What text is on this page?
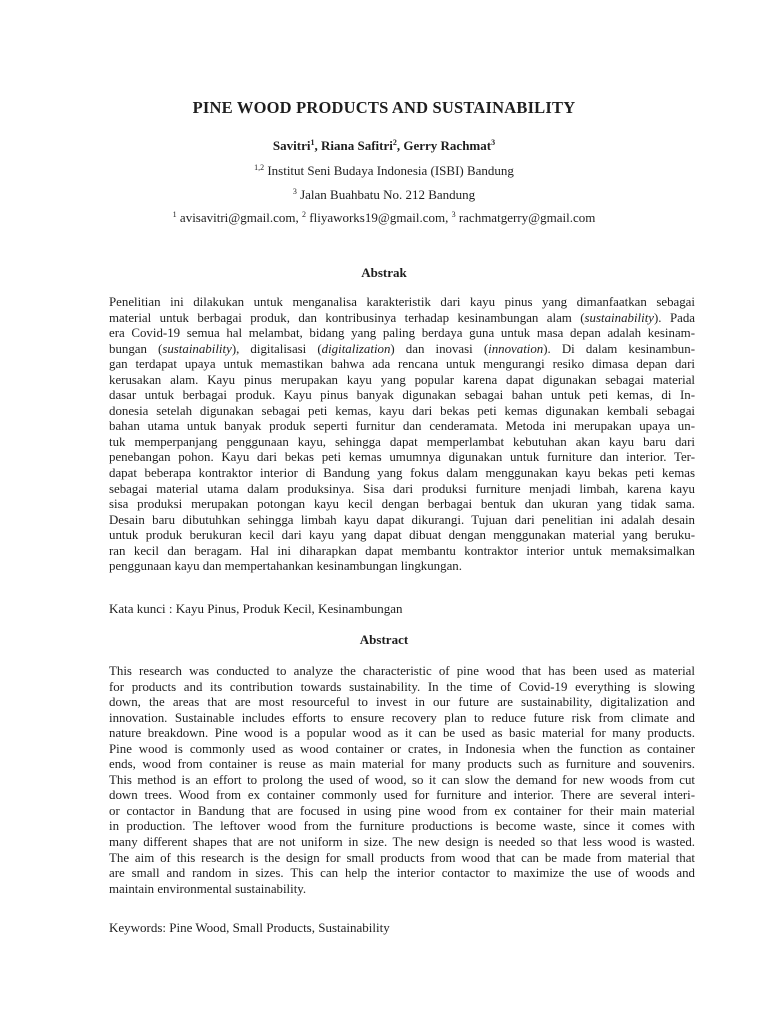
PINE WOOD PRODUCTS AND SUSTAINABILITY
Savitri$^1$, Riana Safitri$^2$, Gerry Rachmat$^3$
$^{1,2}$ Institut Seni Budaya Indonesia (ISBI) Bandung
$^3$ Jalan Buahbatu No. 212 Bandung
$^1$ avisavitri@gmail.com, $^2$ fliyaworks19@gmail.com, $^3$ rachmatgerry@gmail.com
Abstrak
Penelitian ini dilakukan untuk menganalisa karakteristik dari kayu pinus yang dimanfaatkan sebagai
material untuk berbagai produk, dan kontribusinya terhadap kesinambungan alam (sustainability). Pada
era Covid-19 semua hal melambat, bidang yang paling berdaya guna untuk masa depan adalah kesinam-
bungan (sustainability), digitalisasi (digitalization) dan inovasi (innovation). Di dalam kesinambun-
gan terdapat upaya untuk memastikan bahwa ada rencana untuk mengurangi resiko dimasa depan dari
kerusakan alam. Kayu pinus merupakan kayu yang popular karena dapat digunakan sebagai material
dasar untuk berbagai produk. Kayu pinus banyak digunakan sebagai bahan untuk peti kemas, di In-
donesia setelah digunakan sebagai peti kemas, kayu dari bekas peti kemas digunakan kembali sebagai
bahan utama untuk banyak produk seperti furnitur dan cenderamata. Metoda ini merupakan upaya un-
tuk memperpanjang penggunaan kayu, sehingga dapat memperlambat kebutuhan akan kayu baru dari
penebangan pohon. Kayu dari bekas peti kemas umumnya digunakan untuk furniture dan interior. Ter-
dapat beberapa kontraktor interior di Bandung yang fokus dalam menggunakan kayu bekas peti kemas
sebagai material utama dalam produksinya. Sisa dari produksi furniture menjadi limbah, karena kayu
sisa produksi merupakan potongan kayu kecil dengan berbagai bentuk dan ukuran yang tidak sama.
Desain baru dibutuhkan sehingga limbah kayu dapat dikurangi. Tujuan dari penelitian ini adalah desain
untuk produk berukuran kecil dari kayu yang dapat dibuat dengan menggunakan material yang beruku-
ran kecil dan beragam. Hal ini diharapkan dapat membantu kontraktor interior untuk memaksimalkan
penggunaan kayu dan mempertahankan kesinambungan lingkungan.
Kata kunci : Kayu Pinus, Produk Kecil, Kesinambungan
Abstract
This research was conducted to analyze the characteristic of pine wood that has been used as material
for products and its contribution towards sustainability. In the time of Covid-19 everything is slowing
down, the areas that are most resourceful to invest in our future are sustainability, digitalization and
innovation. Sustainable includes efforts to ensure recovery plan to reduce future risk from climate and
nature breakdown. Pine wood is a popular wood as it can be used as basic material for many products.
Pine wood is commonly used as wood container or crates, in Indonesia when the function as container
ends, wood from container is reuse as main material for many products such as furniture and souvenirs.
This method is an effort to prolong the used of wood, so it can slow the demand for new woods from cut
down trees. Wood from ex container commonly used for furniture and interior. There are several interi-
or contactor in Bandung that are focused in using pine wood from ex container for their main material
in production. The leftover wood from the furniture productions is become waste, since it comes with
many different shapes that are not uniform in size. The new design is needed so that less wood is wasted.
The aim of this research is the design for small products from wood that can be made from material that
are small and random in sizes. This can help the interior contactor to maximize the use of woods and
maintain environmental sustainability.
Keywords: Pine Wood, Small Products, Sustainability
